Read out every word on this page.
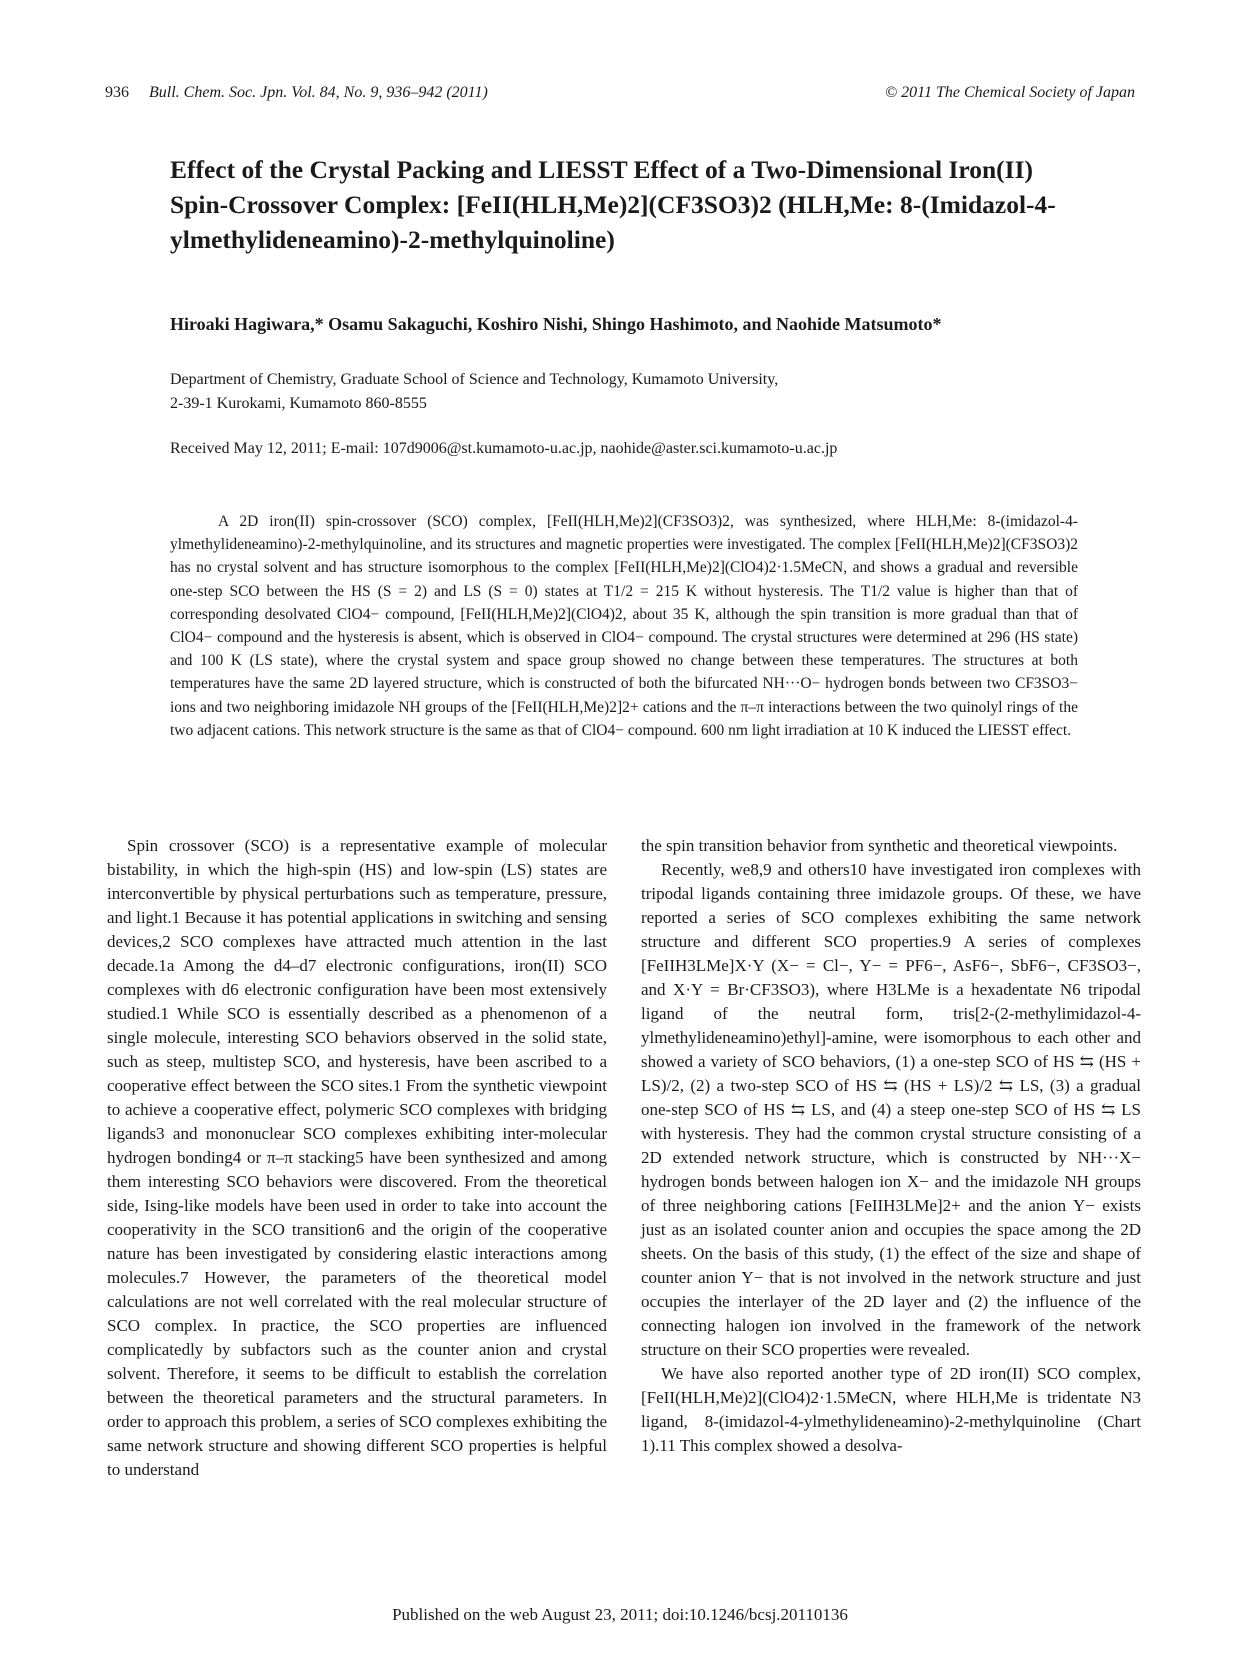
936 Bull. Chem. Soc. Jpn. Vol. 84, No. 9, 936–942 (2011)	© 2011 The Chemical Society of Japan
Effect of the Crystal Packing and LIESST Effect of a Two-Dimensional Iron(II) Spin-Crossover Complex: [FeII(HLH,Me)2](CF3SO3)2 (HLH,Me: 8-(Imidazol-4-ylmethylideneamino)-2-methylquinoline)
Hiroaki Hagiwara,* Osamu Sakaguchi, Koshiro Nishi, Shingo Hashimoto, and Naohide Matsumoto*
Department of Chemistry, Graduate School of Science and Technology, Kumamoto University,
2-39-1 Kurokami, Kumamoto 860-8555
Received May 12, 2011; E-mail: 107d9006@st.kumamoto-u.ac.jp, naohide@aster.sci.kumamoto-u.ac.jp

A 2D iron(II) spin-crossover (SCO) complex, [FeII(HLH,Me)2](CF3SO3)2, was synthesized, where HLH,Me: 8-(imidazol-4-ylmethylideneamino)-2-methylquinoline, and its structures and magnetic properties were investigated. The complex [FeII(HLH,Me)2](CF3SO3)2 has no crystal solvent and has structure isomorphous to the complex [FeII(HLH,Me)2](ClO4)2·1.5MeCN, and shows a gradual and reversible one-step SCO between the HS (S = 2) and LS (S = 0) states at T1/2 = 215 K without hysteresis. The T1/2 value is higher than that of corresponding desolvated ClO4− compound, [FeII(HLH,Me)2](ClO4)2, about 35 K, although the spin transition is more gradual than that of ClO4− compound and the hysteresis is absent, which is observed in ClO4− compound. The crystal structures were determined at 296 (HS state) and 100 K (LS state), where the crystal system and space group showed no change between these temperatures. The structures at both temperatures have the same 2D layered structure, which is constructed of both the bifurcated NH···O− hydrogen bonds between two CF3SO3− ions and two neighboring imidazole NH groups of the [FeII(HLH,Me)2]2+ cations and the π–π interactions between the two quinolyl rings of the two adjacent cations. This network structure is the same as that of ClO4− compound. 600 nm light irradiation at 10 K induced the LIESST effect.

Spin crossover (SCO) is a representative example of molecular bistability, in which the high-spin (HS) and low-spin (LS) states are interconvertible by physical perturbations such as temperature, pressure, and light.1 Because it has potential applications in switching and sensing devices,2 SCO complexes have attracted much attention in the last decade.1a Among the d4–d7 electronic configurations, iron(II) SCO complexes with d6 electronic configuration have been most extensively studied.1 While SCO is essentially described as a phenomenon of a single molecule, interesting SCO behaviors observed in the solid state, such as steep, multistep SCO, and hysteresis, have been ascribed to a cooperative effect between the SCO sites.1 From the synthetic viewpoint to achieve a cooperative effect, polymeric SCO complexes with bridging ligands3 and mononuclear SCO complexes exhibiting inter-molecular hydrogen bonding4 or π–π stacking5 have been synthesized and among them interesting SCO behaviors were discovered. From the theoretical side, Ising-like models have been used in order to take into account the cooperativity in the SCO transition6 and the origin of the cooperative nature has been investigated by considering elastic interactions among molecules.7 However, the parameters of the theoretical model calculations are not well correlated with the real molecular structure of SCO complex. In practice, the SCO properties are influenced complicatedly by subfactors such as the counter anion and crystal solvent. Therefore, it seems to be difficult to establish the correlation between the theoretical parameters and the structural parameters. In order to approach this problem, a series of SCO complexes exhibiting the same network structure and showing different SCO properties is helpful to understand

the spin transition behavior from synthetic and theoretical viewpoints.

Recently, we8,9 and others10 have investigated iron complexes with tripodal ligands containing three imidazole groups. Of these, we have reported a series of SCO complexes exhibiting the same network structure and different SCO properties.9 A series of complexes [FeIIH3LMe]X·Y (X− = Cl−, Y− = PF6−, AsF6−, SbF6−, CF3SO3−, and X·Y = Br·CF3SO3), where H3LMe is a hexadentate N6 tripodal ligand of the neutral form, tris[2-(2-methylimidazol-4-ylmethylideneamino)ethyl]-amine, were isomorphous to each other and showed a variety of SCO behaviors, (1) a one-step SCO of HS ⇆ (HS + LS)/2, (2) a two-step SCO of HS ⇆ (HS + LS)/2 ⇆ LS, (3) a gradual one-step SCO of HS ⇆ LS, and (4) a steep one-step SCO of HS ⇆ LS with hysteresis. They had the common crystal structure consisting of a 2D extended network structure, which is constructed by NH···X− hydrogen bonds between halogen ion X− and the imidazole NH groups of three neighboring cations [FeIIH3LMe]2+ and the anion Y− exists just as an isolated counter anion and occupies the space among the 2D sheets. On the basis of this study, (1) the effect of the size and shape of counter anion Y− that is not involved in the network structure and just occupies the interlayer of the 2D layer and (2) the influence of the connecting halogen ion involved in the framework of the network structure on their SCO properties were revealed.

We have also reported another type of 2D iron(II) SCO complex, [FeII(HLH,Me)2](ClO4)2·1.5MeCN, where HLH,Me is tridentate N3 ligand, 8-(imidazol-4-ylmethylideneamino)-2-methylquinoline (Chart 1).11 This complex showed a desolva-

Published on the web August 23, 2011; doi:10.1246/bcsj.20110136
